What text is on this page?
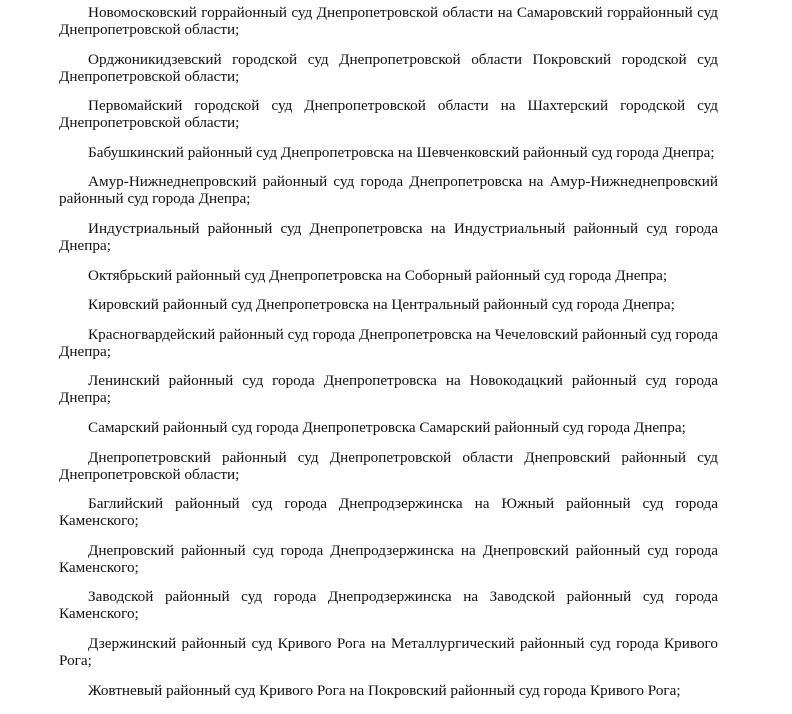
Новомосковский горрайонный суд Днепропетровской области на Самаровский горрайонный суд Днепропетровской области;

Орджоникидзевский городской суд Днепропетровской области Покровский городской суд Днепропетровской области;

Первомайский городской суд Днепропетровской области на Шахтерский городской суд Днепропетровской области;

Бабушкинский районный суд Днепропетровска на Шевченковский районный суд города Днепра;

Амур-Нижнеднепровский районный суд города Днепропетровска на Амур-Нижнеднепровский районный суд города Днепра;

Индустриальный районный суд Днепропетровска на Индустриальный районный суд города Днепра;

Октябрьский районный суд Днепропетровска на Соборный районный суд города Днепра;

Кировский районный суд Днепропетровска на Центральный районный суд города Днепра;

Красногвардейский районный суд города Днепропетровска на Чечеловский районный суд города Днепра;

Ленинский районный суд города Днепропетровска на Новокодацкий районный суд города Днепра;

Самарский районный суд города Днепропетровска Самарский районный суд города Днепра;

Днепропетровский районный суд Днепропетровской области Днепровский районный суд Днепропетровской области;

Баглийский районный суд города Днепродзержинска на Южный районный суд города Каменского;

Днепровский районный суд города Днепродзержинска на Днепровский районный суд города Каменского;

Заводской районный суд города Днепродзержинска на Заводской районный суд города Каменского;

Дзержинский районный суд Кривого Рога на Металлургический районный суд города Кривого Рога;

Жовтневый районный суд Кривого Рога на Покровский районный суд города Кривого Рога;
